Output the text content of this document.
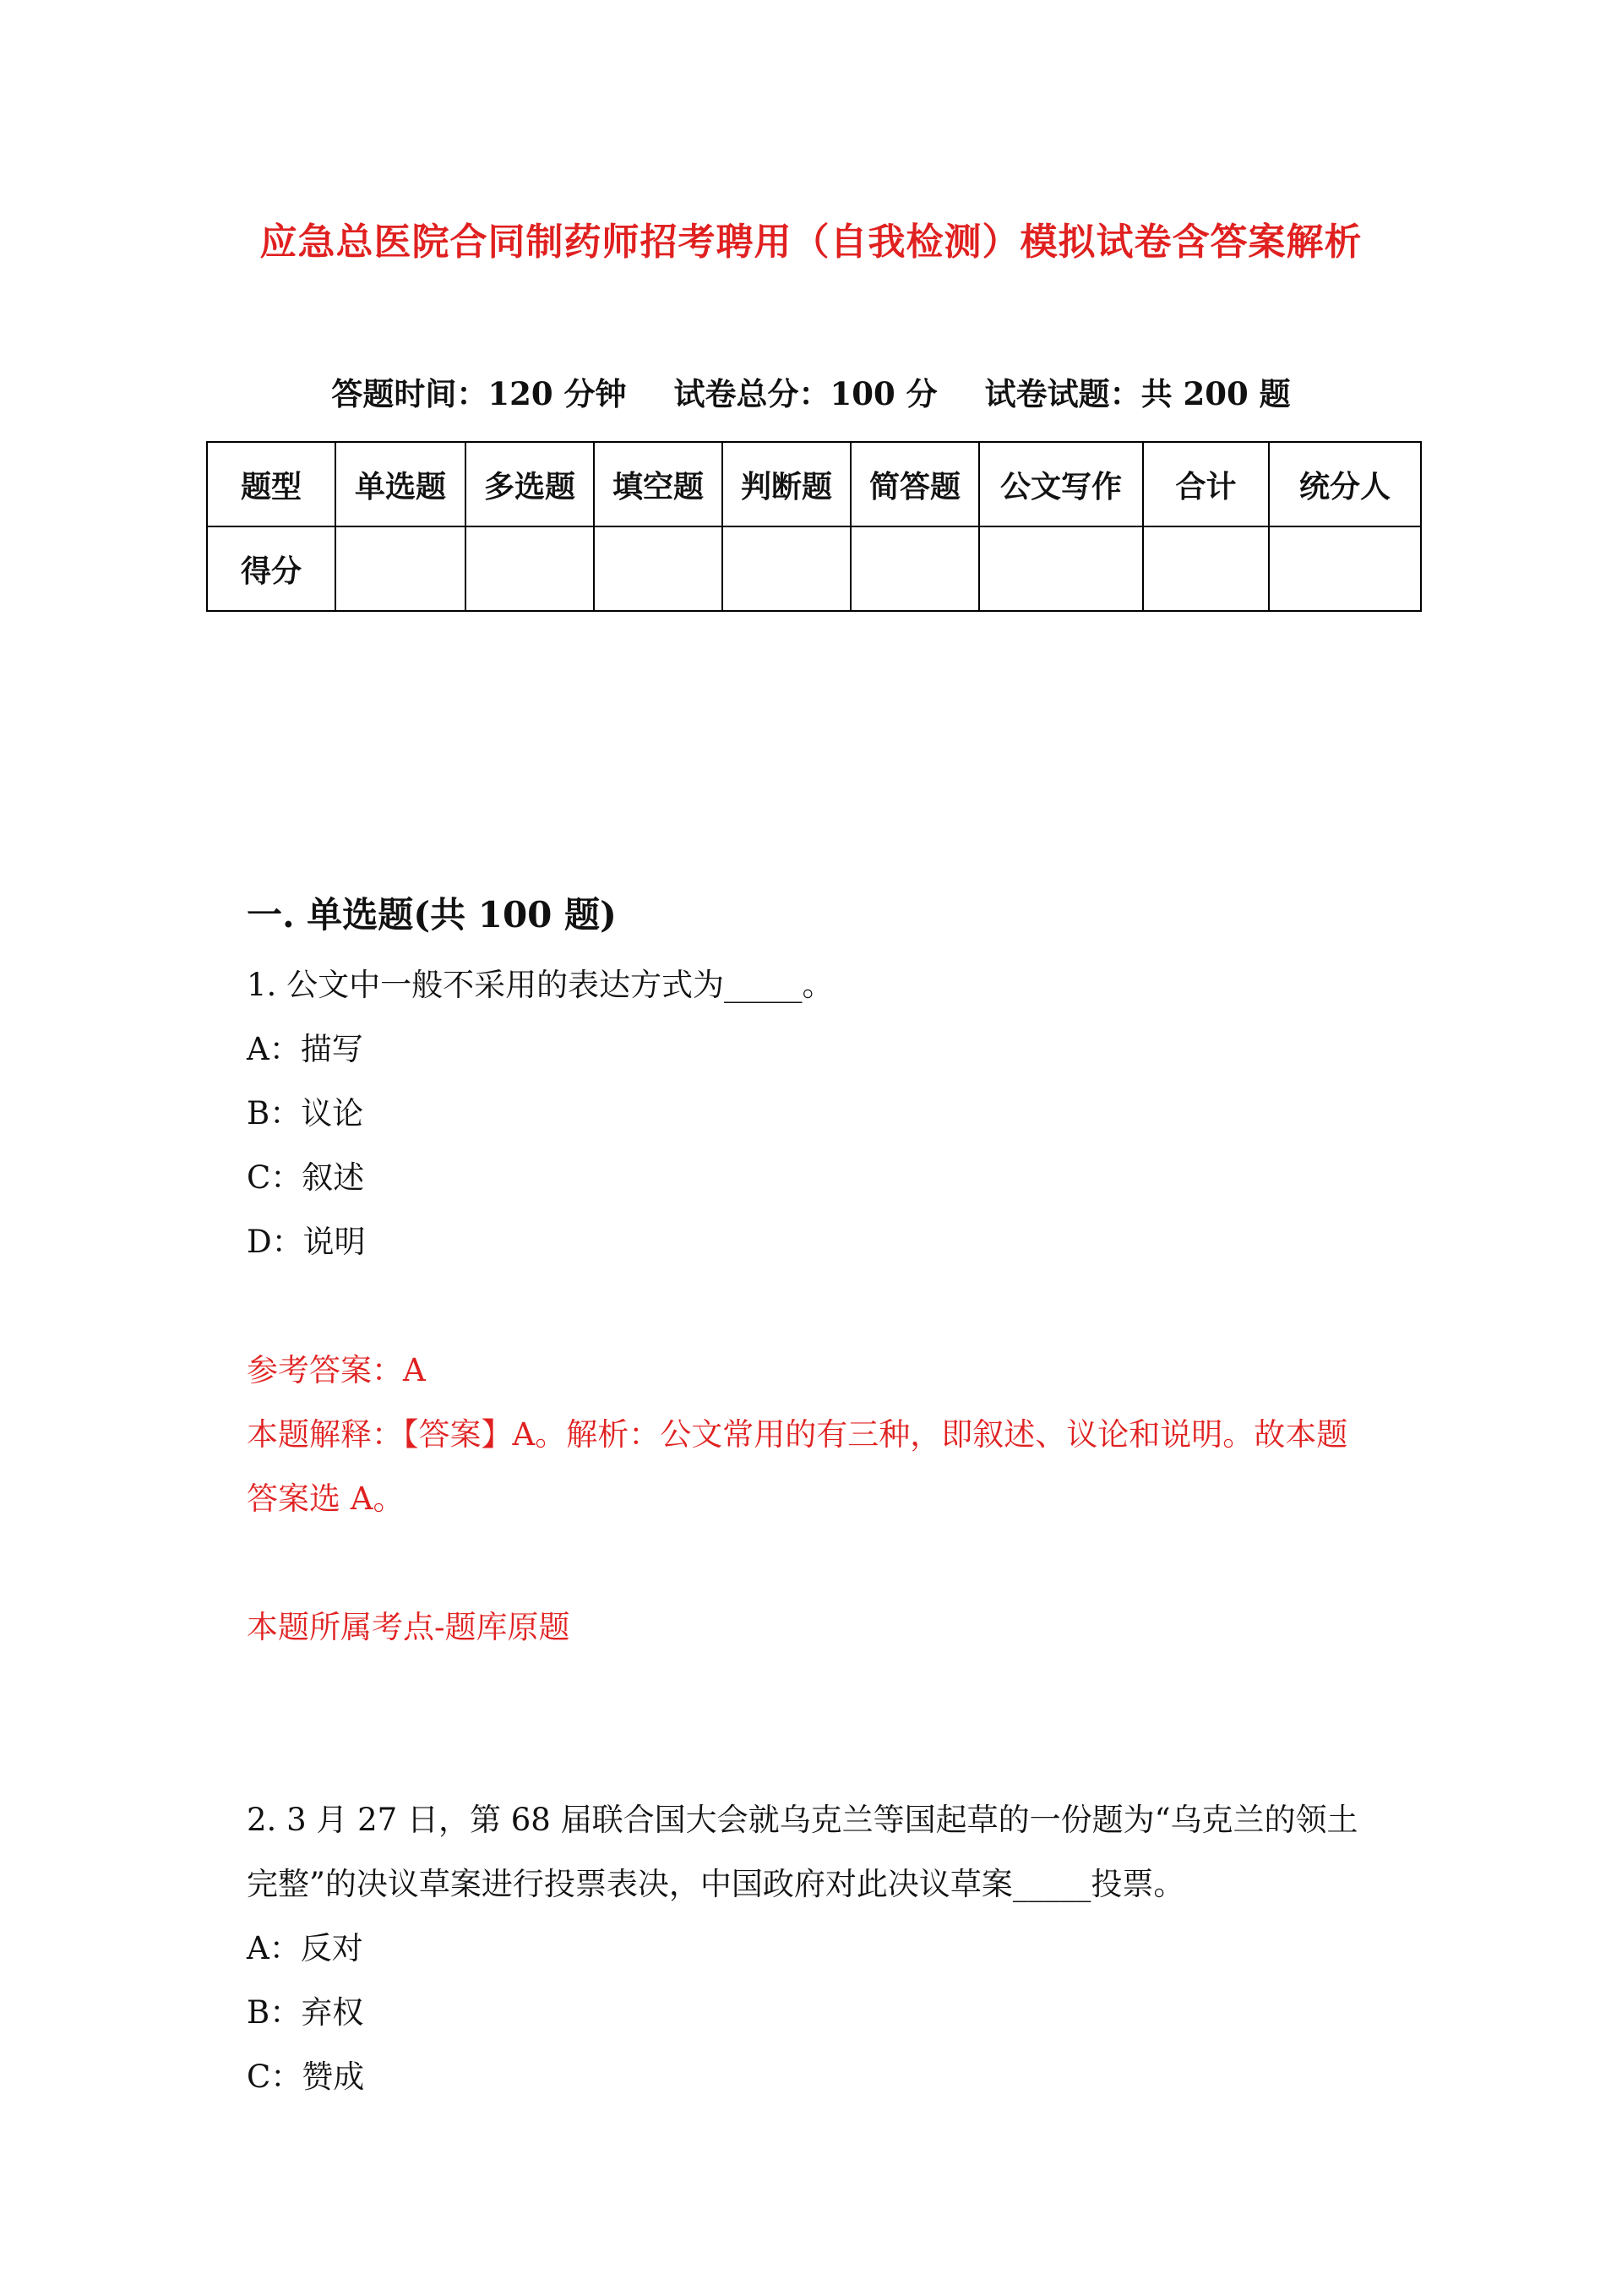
应急总医院合同制药师招考聘用（自我检测）模拟试卷含答案解析
答题时间：120 分钟 试卷总分：100 分 试卷试题：共 200 题
题型	单选题	多选题	填空题	判断题	简答题	公文写作	合计	统分人
得分								
一. 单选题(共 100 题)

1. 公文中一般不采用的表达方式为_____。

A：描写

B：议论

C：叙述

D：说明

参考答案：A

本题解释：【答案】A。解析：公文常用的有三种，即叙述、议论和说明。故本题答案选 A。

本题所属考点-题库原题

2. 3 月 27 日，第 68 届联合国大会就乌克兰等国起草的一份题为“乌克兰的领土完整”的决议草案进行投票表决，中国政府对此决议草案_____投票。

A：反对

B：弃权

C：赞成
